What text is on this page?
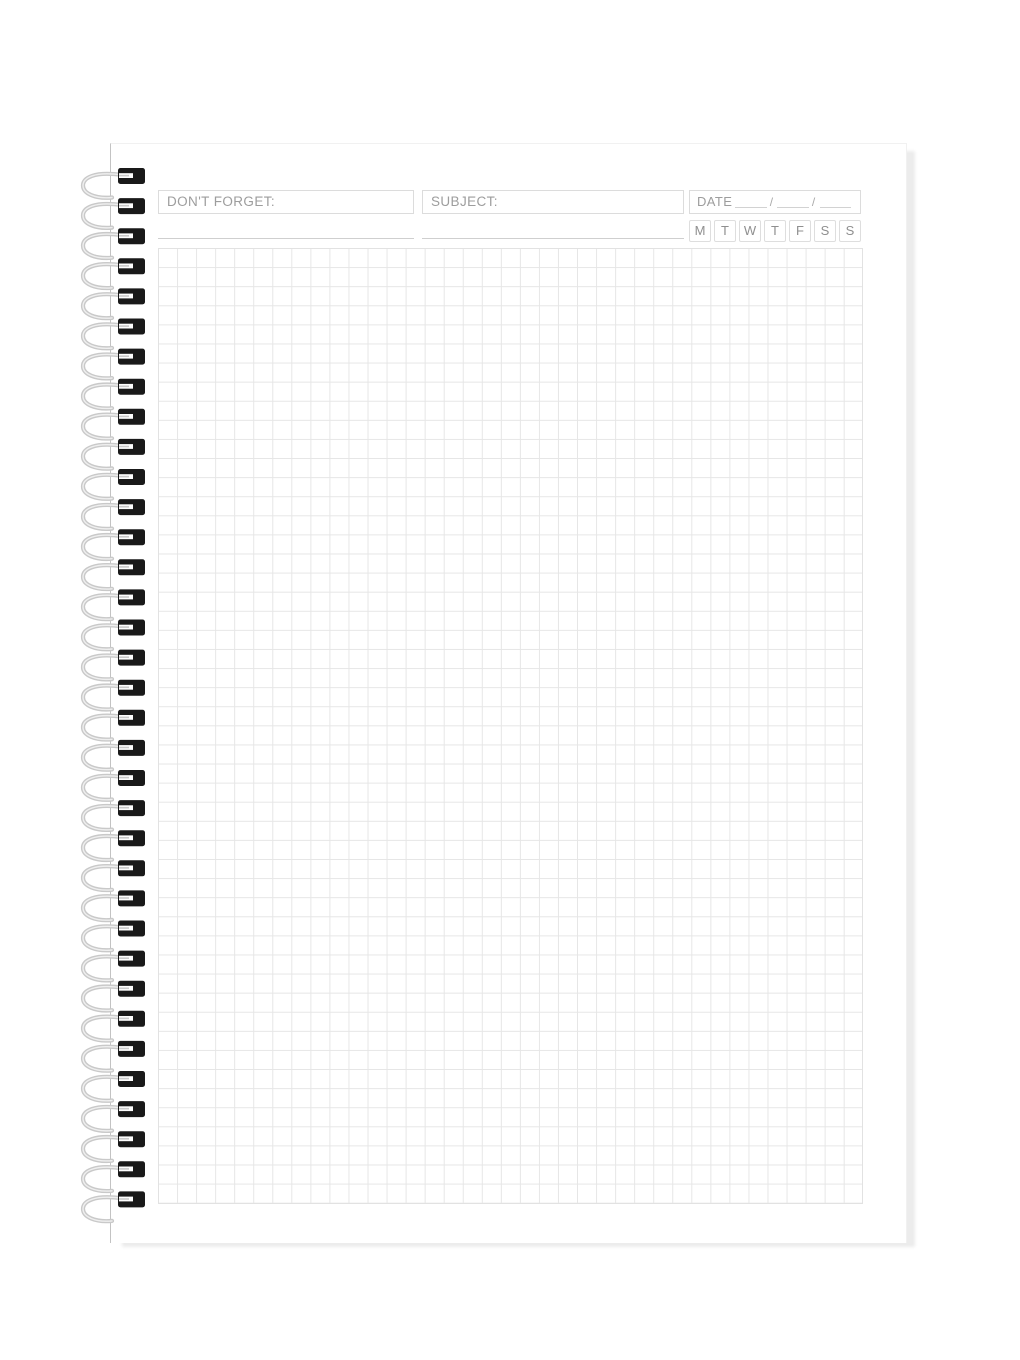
DON'T FORGET:	SUBJECT:	DATE	/	/
M	T	W	T	F	S	S
